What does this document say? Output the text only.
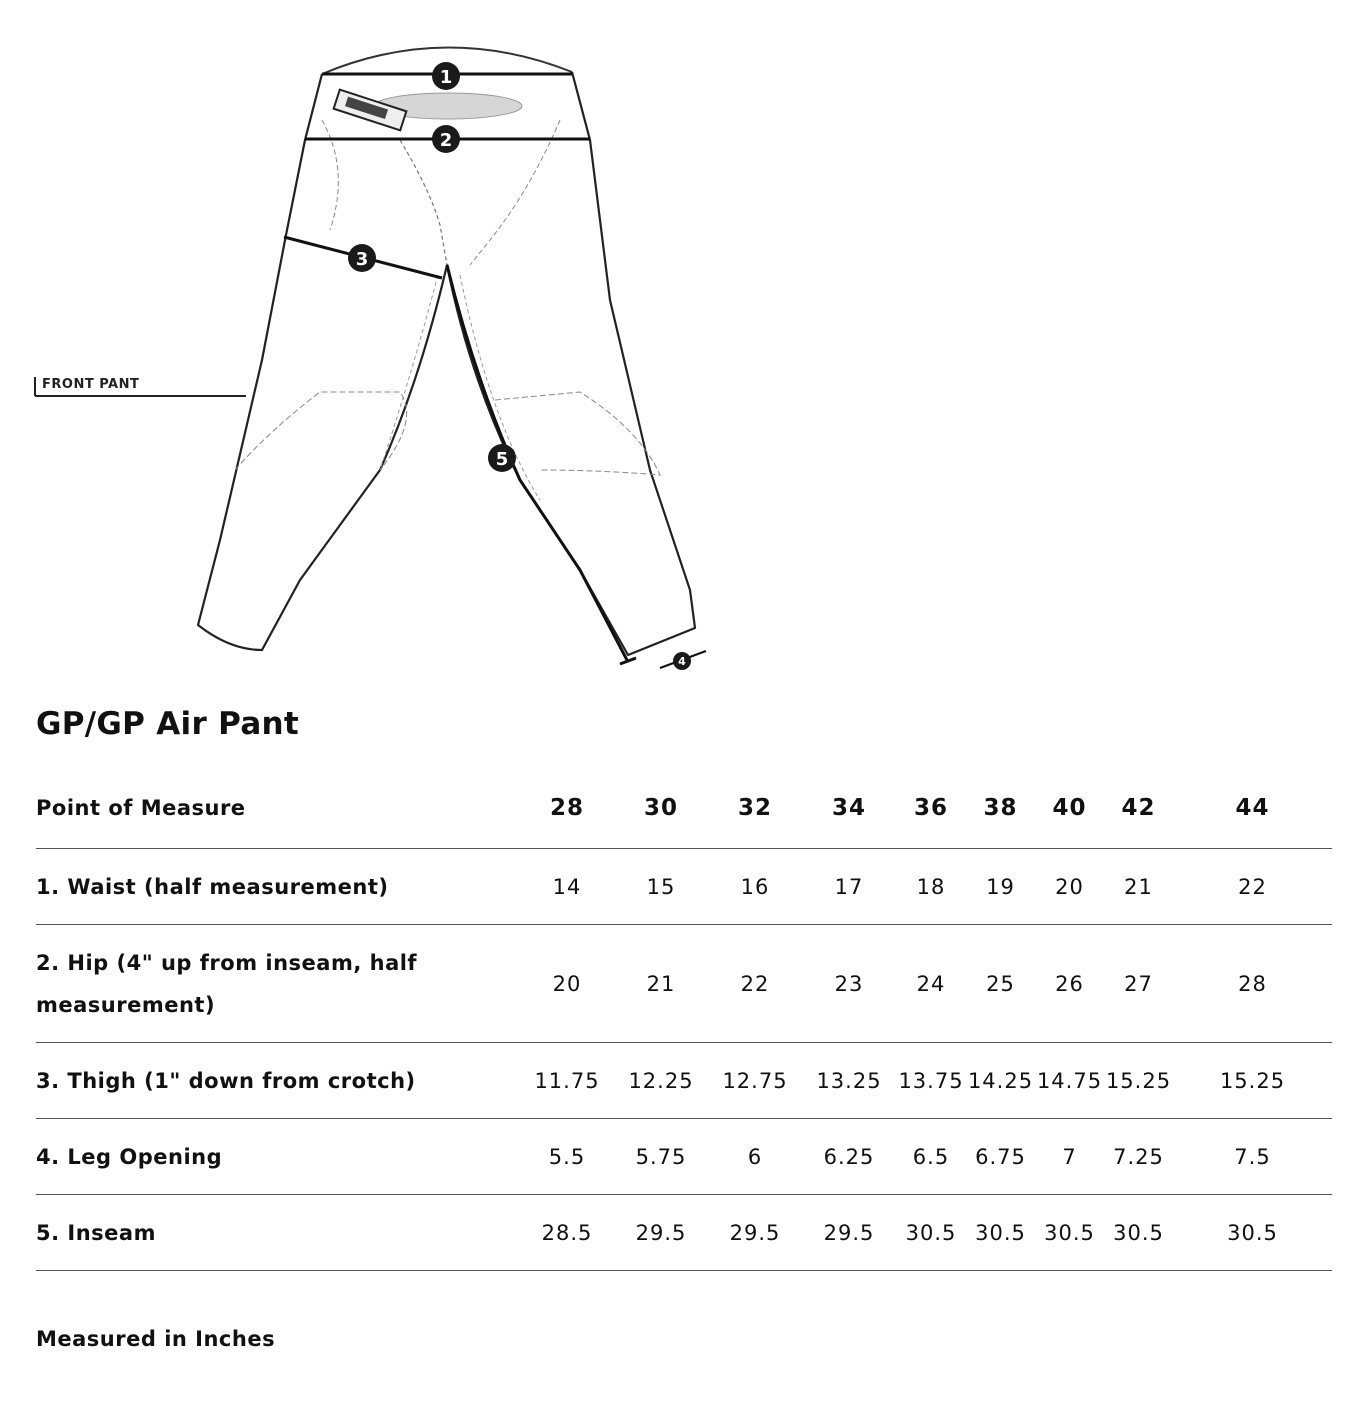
1
2
3
4
5
FRONT PANT
GP/GP Air Pant
Point of Measure	28	30	32	34	36	38	40	42	44
1. Waist (half measurement)	14	15	16	17	18	19	20	21	22
2. Hip (4" up from inseam, half measurement)	20	21	22	23	24	25	26	27	28
3. Thigh (1" down from crotch)	11.75	12.25	12.75	13.25	13.75	14.25	14.75	15.25	15.25
4. Leg Opening	5.5	5.75	6	6.25	6.5	6.75	7	7.25	7.5
5. Inseam	28.5	29.5	29.5	29.5	30.5	30.5	30.5	30.5	30.5

Measured in Inches
